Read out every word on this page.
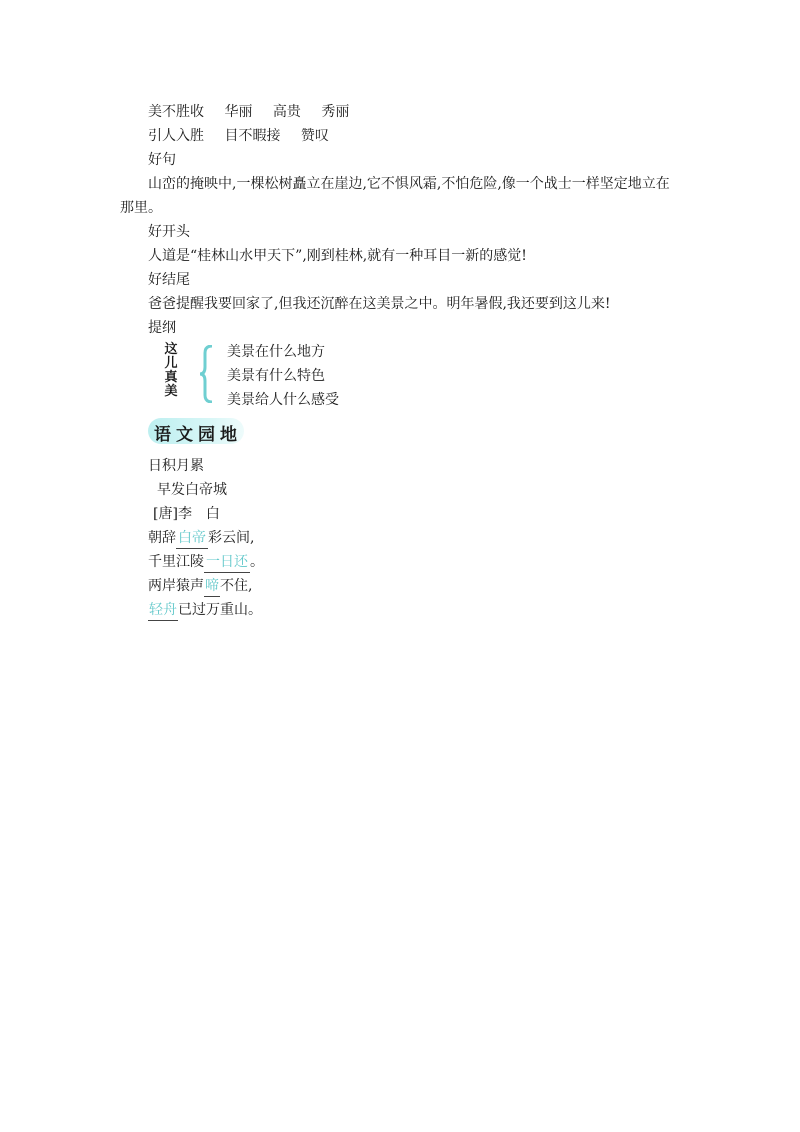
美不胜收 华丽 高贵 秀丽
引人入胜 目不暇接 赞叹
好句
山峦的掩映中,一棵松树矗立在崖边,它不惧风霜,不怕危险,像一个战士一样坚定地立在
那里。
好开头
人道是“桂林山水甲天下”,刚到桂林,就有一种耳目一新的感觉!
好结尾
爸爸提醒我要回家了,但我还沉醉在这美景之中。明年暑假,我还要到这儿来!
提纲
这
儿
真
美
美景在什么地方
美景有什么特色
美景给人什么感受
语文园地
日积月累
早发白帝城
[唐]李　白
朝辞 白帝 彩云间,
千里江陵 一日还 。
两岸猿声啼不住,
轻舟已过万重山。
